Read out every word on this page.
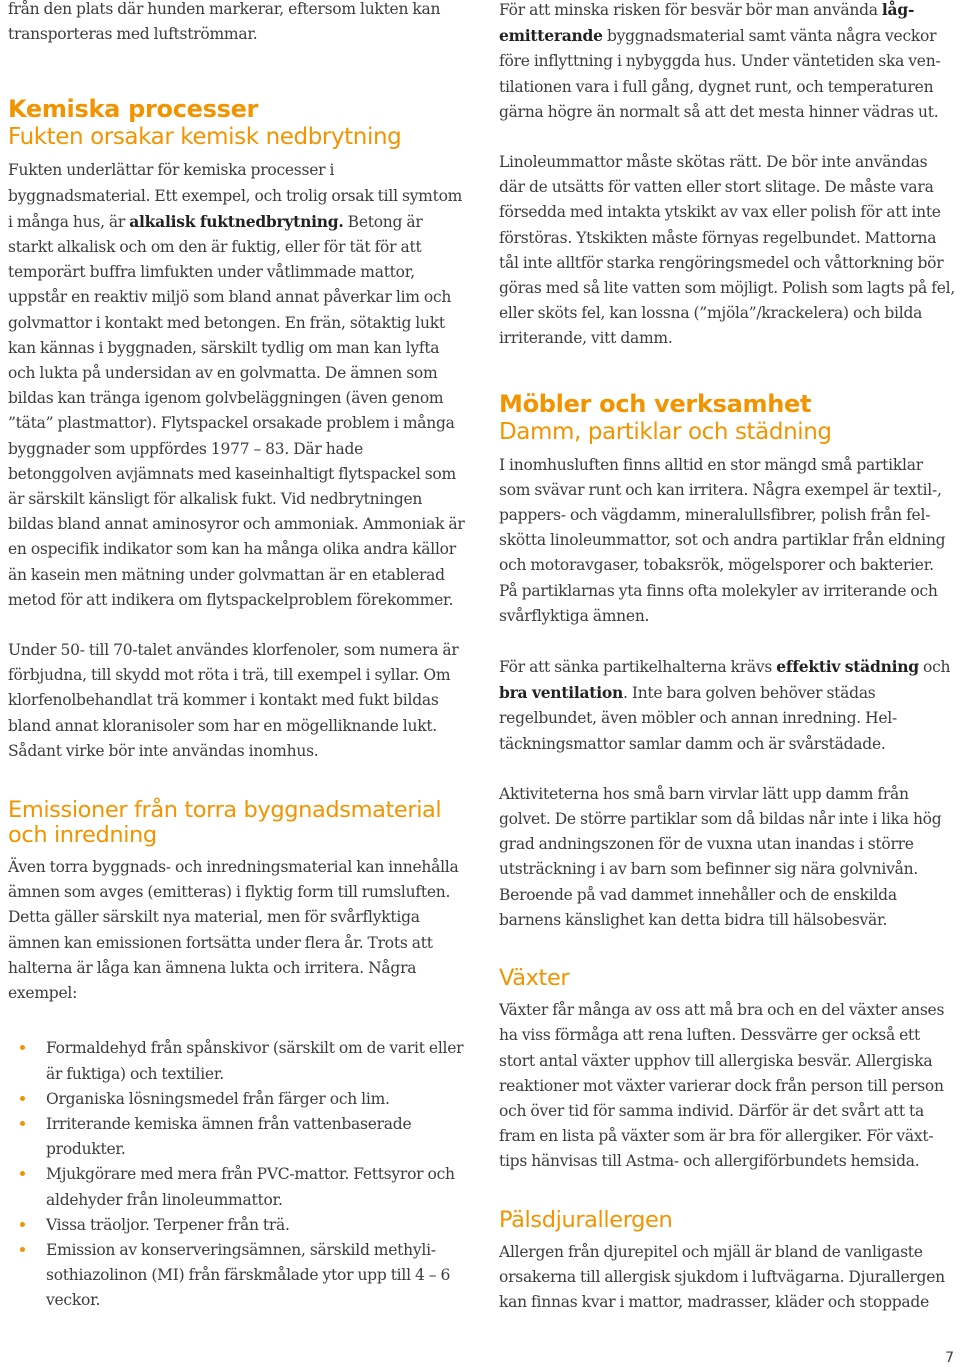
från den plats där hunden markerar, eftersom lukten kan transporteras med luftströmmar.

Kemiska processer
Fukten orsakar kemisk nedbrytning

Fukten underlättar för kemiska processer i byggnadsmaterial. Ett exempel, och trolig orsak till symtom i många hus, är alkalisk fuktnedbrytning. Betong är starkt alkalisk och om den är fuktig, eller för tät för att temporärt buffra limfukten under våtlimmade mattor, uppstår en reaktiv miljö som bland annat påverkar lim och golvmattor i kontakt med betongen. En frän, sötaktig lukt kan kännas i byggnaden, särskilt tydlig om man kan lyfta och lukta på undersidan av en golvmatta. De ämnen som bildas kan tränga igenom golvbeläggningen (även genom ”täta” plastmattor). Flytspackel orsakade problem i många byggnader som uppfördes 1977 – 83. Där hade betonggolven avjämnats med kaseinhaltigt flytspackel som är särskilt känsligt för alkalisk fukt. Vid nedbrytningen bildas bland annat aminosyror och ammoniak. Ammoniak är en ospecifik indikator som kan ha många olika andra källor än kasein men mätning under golvmattan är en etablerad metod för att indikera om flytspackelproblem förekommer.

Under 50- till 70-talet användes klorfenoler, som numera är förbjudna, till skydd mot röta i trä, till exempel i syllar. Om klorfenolbehandlat trä kommer i kontakt med fukt bildas bland annat kloranisoler som har en mögelliknande lukt. Sådant virke bör inte användas inomhus.

Emissioner från torra byggnadsmaterial och inredning

Även torra byggnads- och inredningsmaterial kan innehålla ämnen som avges (emitteras) i flyktig form till rumsluften. Detta gäller särskilt nya material, men för svårflyktiga ämnen kan emissionen fortsätta under flera år. Trots att halterna är låga kan ämnena lukta och irritera. Några exempel:

Formaldehyd från spånskivor (särskilt om de varit eller är fuktiga) och textilier.
Organiska lösningsmedel från färger och lim.
Irriterande kemiska ämnen från vattenbaserade produkter.
Mjukgörare med mera från PVC-mattor. Fettsyror och aldehyder från linoleummattor.
Vissa träoljor. Terpener från trä.
Emission av konserveringsämnen, särskild methylisothiazolinon (MI) från färskmålade ytor upp till 4 – 6 veckor.

För att minska risken för besvär bör man använda lågemitterande byggnadsmaterial samt vänta några veckor före inflyttning i nybyggda hus. Under väntetiden ska ventilationen vara i full gång, dygnet runt, och temperaturen gärna högre än normalt så att det mesta hinner vädras ut.

Linoleummattor måste skötas rätt. De bör inte användas där de utsätts för vatten eller stort slitage. De måste vara försedda med intakta ytskikt av vax eller polish för att inte förstöras. Ytskikten måste förnyas regelbundet. Mattorna tål inte alltför starka rengöringsmedel och våttorkning bör göras med så lite vatten som möjligt. Polish som lagts på fel, eller sköts fel, kan lossna (”mjöla”/krackelera) och bilda irriterande, vitt damm.

Möbler och verksamhet
Damm, partiklar och städning

I inomhusluften finns alltid en stor mängd små partiklar som svävar runt och kan irritera. Några exempel är textil-, pappers- och vägdamm, mineralullsfibrer, polish från felskötta linoleummattor, sot och andra partiklar från eldning och motoravgaser, tobaksrök, mögelsporer och bakterier. På partiklarnas yta finns ofta molekyler av irriterande och svårflyktiga ämnen.

För att sänka partikelhalterna krävs effektiv städning och bra ventilation. Inte bara golven behöver städas regelbundet, även möbler och annan inredning. Heltäckningsmattor samlar damm och är svårstädade.

Aktiviteterna hos små barn virvlar lätt upp damm från golvet. De större partiklar som då bildas når inte i lika hög grad andningszonen för de vuxna utan inandas i större utsträckning i av barn som befinner sig nära golvnivån. Beroende på vad dammet innehåller och de enskilda barnens känslighet kan detta bidra till hälsobesvär.

Växter

Växter får många av oss att må bra och en del växter anses ha viss förmåga att rena luften. Dessvärre ger också ett stort antal växter upphov till allergiska besvär. Allergiska reaktioner mot växter varierar dock från person till person och över tid för samma individ. Därför är det svårt att ta fram en lista på växter som är bra för allergiker. För växttips hänvisas till Astma- och allergiförbundets hemsida.

Pälsdjurallergen

Allergen från djurepitel och mjäll är bland de vanligaste orsakerna till allergisk sjukdom i luftvägarna. Djurallergen kan finnas kvar i mattor, madrasser, kläder och stoppade

7
